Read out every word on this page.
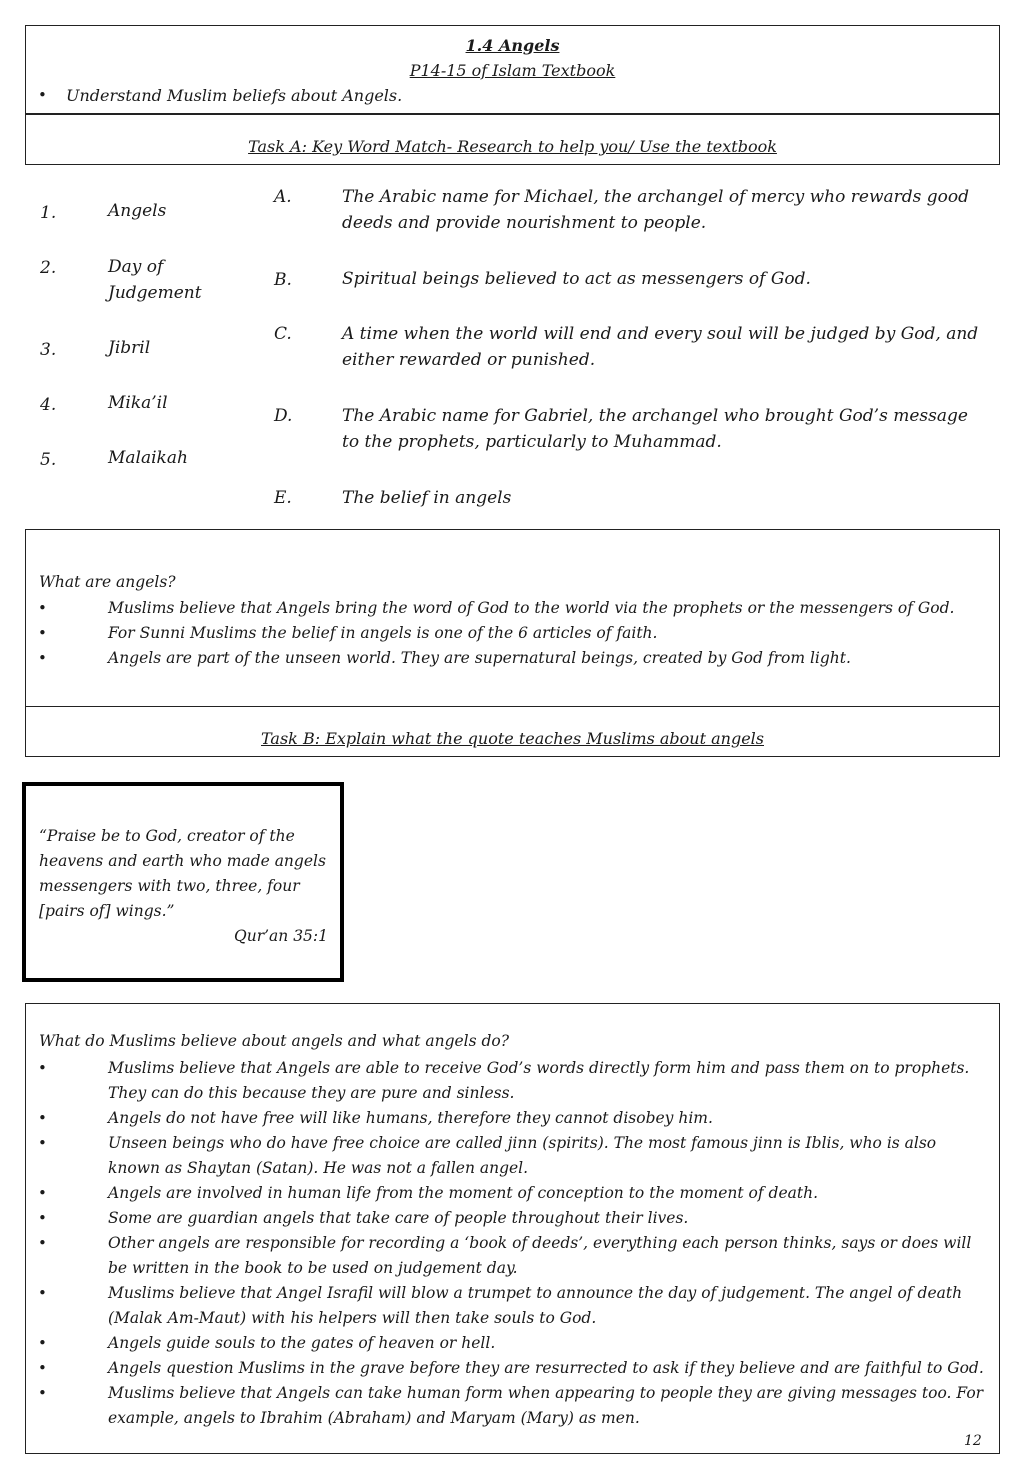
1.4 Angels
P14-15 of Islam Textbook
• Understand Muslim beliefs about Angels.
Task A: Key Word Match- Research to help you/ Use the textbook
1.	Angels
2.	Day of Judgement
3.	Jibril
4.	Mika’il
5.	Malaikah
A.	The Arabic name for Michael, the archangel of mercy who rewards good deeds and provide nourishment to people.
B.	Spiritual beings believed to act as messengers of God.
C.	A time when the world will end and every soul will be judged by God, and either rewarded or punished.
D.	The Arabic name for Gabriel, the archangel who brought God’s message to the prophets, particularly to Muhammad.
E.	The belief in angels
What are angels?
•	Muslims believe that Angels bring the word of God to the world via the prophets or the messengers of God.
•	For Sunni Muslims the belief in angels is one of the 6 articles of faith.
•	Angels are part of the unseen world. They are supernatural beings, created by God from light.
Task B: Explain what the quote teaches Muslims about angels
“Praise be to God, creator of the heavens and earth who made angels messengers with two, three, four [pairs of] wings.”
Qur’an 35:1
What do Muslims believe about angels and what angels do?
•	Muslims believe that Angels are able to receive God’s words directly form him and pass them on to prophets. They can do this because they are pure and sinless.
•	Angels do not have free will like humans, therefore they cannot disobey him.
•	Unseen beings who do have free choice are called jinn (spirits). The most famous jinn is Iblis, who is also known as Shaytan (Satan). He was not a fallen angel.
•	Angels are involved in human life from the moment of conception to the moment of death.
•	Some are guardian angels that take care of people throughout their lives.
•	Other angels are responsible for recording a ‘book of deeds’, everything each person thinks, says or does will be written in the book to be used on judgement day.
•	Muslims believe that Angel Israfil will blow a trumpet to announce the day of judgement. The angel of death (Malak Am-Maut) with his helpers will then take souls to God.
•	Angels guide souls to the gates of heaven or hell.
•	Angels question Muslims in the grave before they are resurrected to ask if they believe and are faithful to God.
•	Muslims believe that Angels can take human form when appearing to people they are giving messages too. For example, angels to Ibrahim (Abraham) and Maryam (Mary) as men.
12
